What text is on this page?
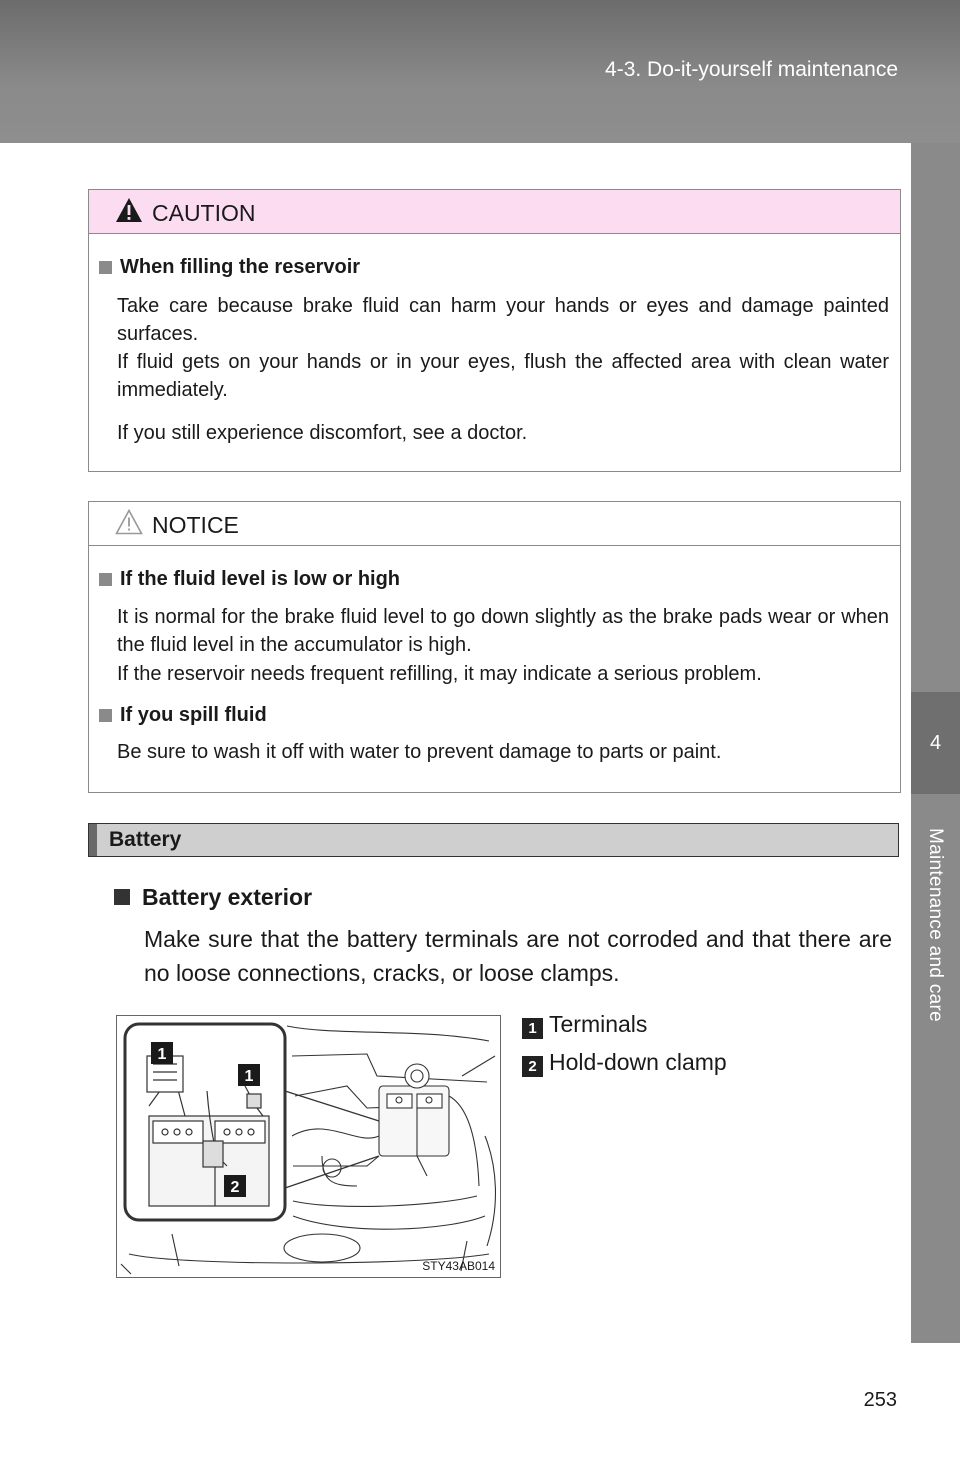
4-3. Do-it-yourself maintenance
4
Maintenance and care
CAUTION
When filling the reservoir
Take care because brake fluid can harm your hands or eyes and damage painted surfaces.
If fluid gets on your hands or in your eyes, flush the affected area with clean water immediately.
If you still experience discomfort, see a doctor.
NOTICE
If the fluid level is low or high
It is normal for the brake fluid level to go down slightly as the brake pads wear or when the fluid level in the accumulator is high.
If the reservoir needs frequent refilling, it may indicate a serious problem.
If you spill fluid
Be sure to wash it off with water to prevent damage to parts or paint.
Battery
Battery exterior
Make sure that the battery terminals are not corroded and that there are no loose connections, cracks, or loose clamps.
1 Terminals
2 Hold-down clamp
1
1
2
STY43AB014
253
